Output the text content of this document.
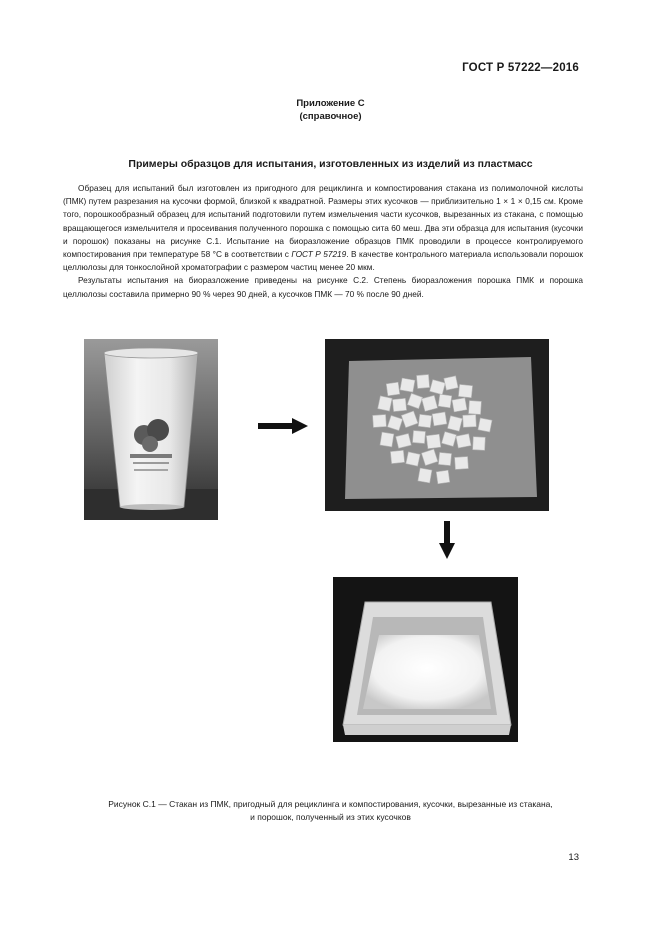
ГОСТ Р 57222—2016
Приложение С
(справочное)
Примеры образцов для испытания, изготовленных из изделий из пластмасс

Образец для испытаний был изготовлен из пригодного для рециклинга и компостирования стакана из полимолочной кислоты (ПМК) путем разрезания на кусочки формой, близкой к квадратной. Размеры этих кусочков — приблизительно 1 × 1 × 0,15 см. Кроме того, порошкообразный образец для испытаний подготовили путем измельчения части кусочков, вырезанных из стакана, с помощью вращающегося измельчителя и просеивания полученного порошка с помощью сита 60 меш. Два эти образца для испытания (кусочки и порошок) показаны на рисунке С.1. Испытание на биоразложение образцов ПМК проводили в процессе контролируемого компостирования при температуре 58 °С в соответствии с ГОСТ Р 57219. В качестве контрольного материала использовали порошок целлюлозы для тонкослойной хроматографии с размером частиц менее 20 мкм.

Результаты испытания на биоразложение приведены на рисунке С.2. Степень биоразложения порошка ПМК и порошка целлюлозы составила примерно 90 % через 90 дней, а кусочков ПМК — 70 % после 90 дней.

Рисунок С.1 — Стакан из ПМК, пригодный для рециклинга и компостирования, кусочки, вырезанные из стакана,
и порошок, полученный из этих кусочков
13
